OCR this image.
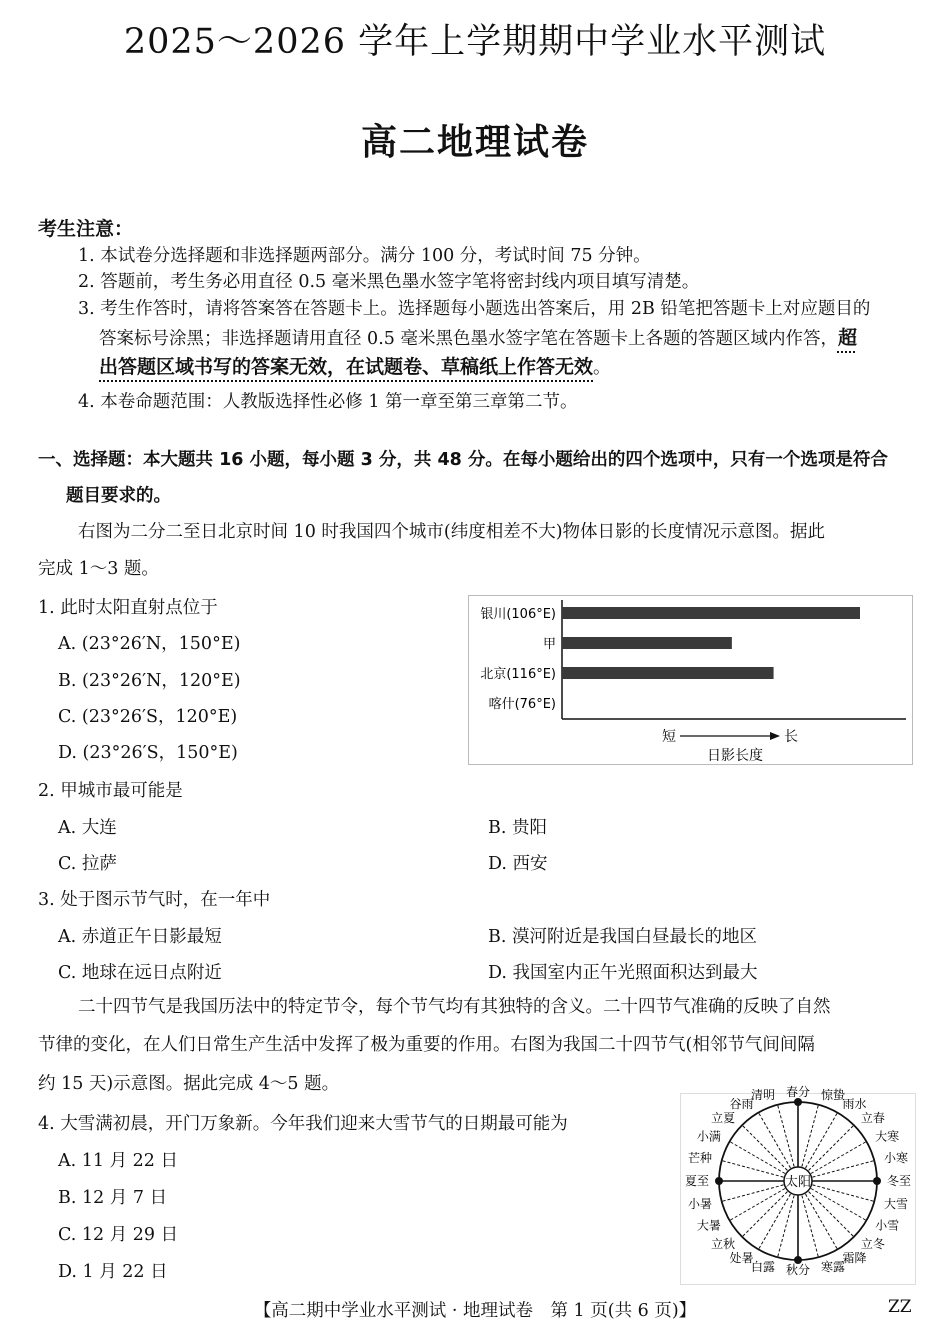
2025～2026 学年上学期期中学业水平测试
高二地理试卷
考生注意：
1. 本试卷分选择题和非选择题两部分。满分 100 分，考试时间 75 分钟。
2. 答题前，考生务必用直径 0.5 毫米黑色墨水签字笔将密封线内项目填写清楚。
3. 考生作答时，请将答案答在答题卡上。选择题每小题选出答案后，用 2B 铅笔把答题卡上对应题目的
答案标号涂黑；非选择题请用直径 0.5 毫米黑色墨水签字笔在答题卡上各题的答题区域内作答，超
出答题区域书写的答案无效，在试题卷、草稿纸上作答无效。
4. 本卷命题范围：人教版选择性必修 1 第一章至第三章第二节。
一、选择题：本大题共 16 小题，每小题 3 分，共 48 分。在每小题给出的四个选项中，只有一个选项是符合
题目要求的。
右图为二分二至日北京时间 10 时我国四个城市(纬度相差不大)物体日影的长度情况示意图。据此
完成 1～3 题。
1. 此时太阳直射点位于
A. (23°26′N，150°E)
B. (23°26′N，120°E)
C. (23°26′S，120°E)
D. (23°26′S，150°E)
银川(106°E)
甲
北京(116°E)
喀什(76°E)
短	长
日影长度
2. 甲城市最可能是
A. 大连	B. 贵阳
C. 拉萨	D. 西安
3. 处于图示节气时，在一年中
A. 赤道正午日影最短	B. 漠河附近是我国白昼最长的地区
C. 地球在远日点附近	D. 我国室内正午光照面积达到最大
二十四节气是我国历法中的特定节令，每个节气均有其独特的含义。二十四节气准确的反映了自然
节律的变化，在人们日常生产生活中发挥了极为重要的作用。右图为我国二十四节气(相邻节气间间隔
约 15 天)示意图。据此完成 4～5 题。
4. 大雪满初晨，开门万象新。今年我们迎来大雪节气的日期最可能为
A. 11 月 22 日
B. 12 月 7 日
C. 12 月 29 日
D. 1 月 22 日
太阳
春分 惊蛰
雨水
立春
大寒
小寒
冬至
大雪
小雪
立冬
霜降
寒露
秋分
白露
处暑
立秋
大暑
小暑
夏至
芒种
小满
立夏
谷雨
清明
【高二期中学业水平测试 · 地理试卷　第 1 页(共 6 页)】	ZZ
